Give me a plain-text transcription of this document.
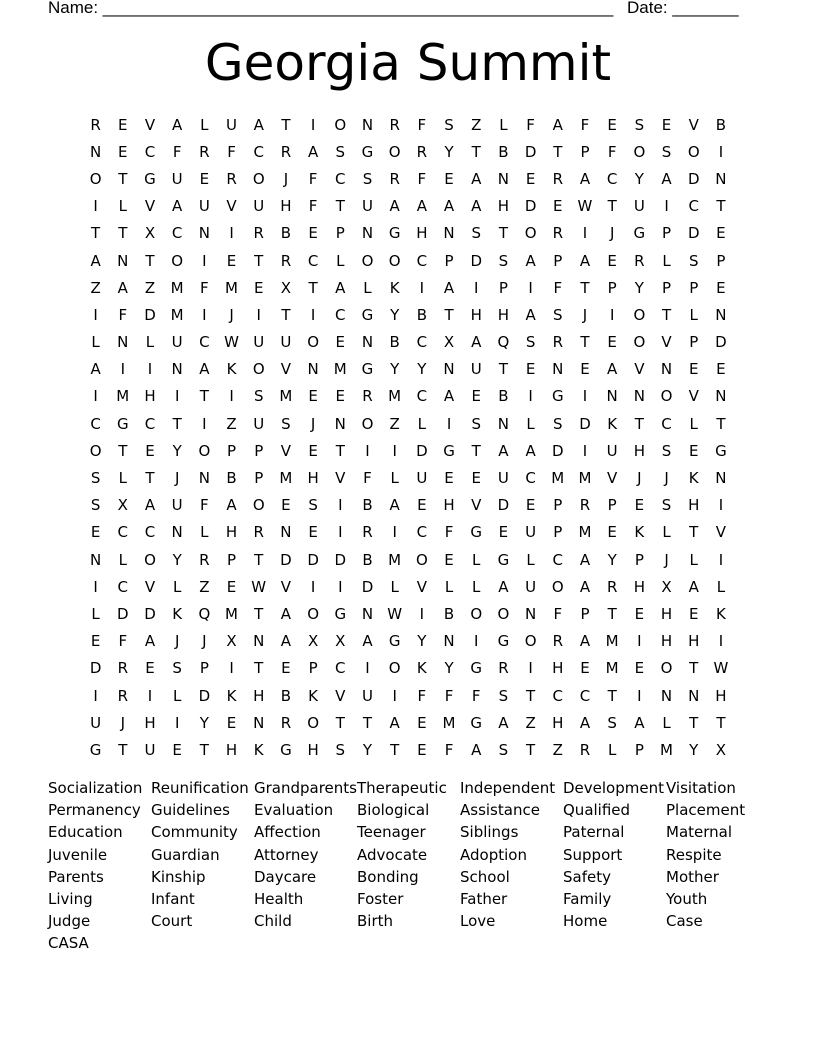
Name: ______________________________________________________ Date: _______
Georgia Summit
R	E	V	A	L	U	A	T	I	O	N	R	F	S	Z	L	F	A	F	E	S	E	V	B
N	E	C	F	R	F	C	R	A	S	G	O	R	Y	T	B	D	T	P	F	O	S	O	I
O	T	G	U	E	R	O	J	F	C	S	R	F	E	A	N	E	R	A	C	Y	A	D	N
I	L	V	A	U	V	U	H	F	T	U	A	A	A	A	H	D	E	W	T	U	I	C	T
T	T	X	C	N	I	R	B	E	P	N	G	H	N	S	T	O	R	I	J	G	P	D	E
A	N	T	O	I	E	T	R	C	L	O	O	C	P	D	S	A	P	A	E	R	L	S	P
Z	A	Z	M	F	M	E	X	T	A	L	K	I	A	I	P	I	F	T	P	Y	P	P	E
I	F	D M	I	J	I	T	I	C	G	Y	B	T	H	H	A	S	J	I	O	T	L	N
L	N	L	U	C W U	U	O	E	N	B	C	X	A	Q	S	R	T	E	O	V	P	D
A	I	I	N	A	K	O	V	N	M G	Y	Y	N	U	T	E	N	E	A	V	N	E	E
I	M	H	I	T	I	S	M	E	E	R	M	C	A	E	B	I	G	I	N	N	O	V	N
C	G	C	T	I	Z	U	S	J	N	O	Z	L	I	S	N	L	S	D	K	T	C	L	T
O	T	E	Y	O	P	P	V	E	T	I	I	D	G	T	A	A	D	I	U	H	S	E	G
S	L	T	J	N	B	P	M	H	V	F	L	U	E	E	U	C	M M	V	J	J	K	N
S	X	A	U	F	A	O	E	S	I	B	A	E	H	V	D	E	P	R	P	E	S	H	I
E	C	C	N	L	H	R	N	E	I	R	I	C	F	G	E	U	P	M	E	K	L	T	V
N	L	O	Y	R	P	T	D	D	D	B	M O	E	L	G	L	C	A	Y	P	J	L	I
I	C	V	L	Z	E	W V	I	I	D	L	V	L	L	A	U	O	A	R	H	X	A	L
L	D	D	K	Q M	T	A	O	G	N W	I	B	O	O	N	F	P	T	E	H	E	K
E	F	A	J	J	X	N	A	X	X	A	G	Y	N	I	G	O	R	A	M	I	H	H	I
D	R	E	S	P	I	T	E	P	C	I	O	K	Y	G	R	I	H	E	M	E	O	T	W
I	R	I	L	D	K	H	B	K	V	U	I	F	F	F	S	T	C	C	T	I	N	N	H
U	J	H	I	Y	E	N	R	O	T	T	A	E	M G	A	Z	H	A	S	A	L	T	T
G	T	U	E	T	H	K	G	H	S	Y	T	E	F	A	S	T	Z	R	L	P	M	Y	X
Socialization Reunification Grandparents Therapeutic Independent Development Visitation
Permanency Guidelines	Evaluation	Biological	Assistance	Qualified	Placement
Education	Community	Affection	Teenager	Siblings	Paternal	Maternal
Juvenile	Guardian	Attorney	Advocate	Adoption	Support	Respite
Parents	Kinship	Daycare	Bonding	School	Safety	Mother
Living	Infant	Health	Foster	Father	Family	Youth
Judge	Court	Child	Birth	Love	Home	Case
CASA
